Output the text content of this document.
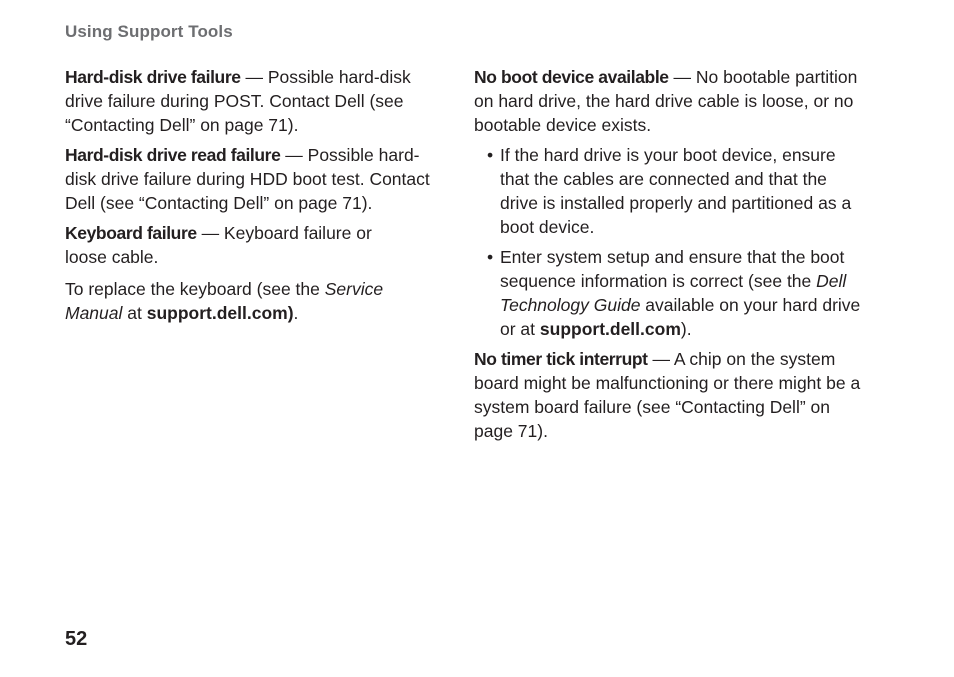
Using Support Tools

Hard-disk drive failure — Possible hard-disk drive failure during POST. Contact Dell (see “Contacting Dell” on page 71).

Hard-disk drive read failure — Possible hard-disk drive failure during HDD boot test. Contact Dell (see “Contacting Dell” on page 71).

Keyboard failure — Keyboard failure or loose cable.

To replace the keyboard (see the Service Manual at support.dell.com).

No boot device available — No bootable partition on hard drive, the hard drive cable is loose, or no bootable device exists.

• If the hard drive is your boot device, ensure that the cables are connected and that the drive is installed properly and partitioned as a boot device.
• Enter system setup and ensure that the boot sequence information is correct (see the Dell Technology Guide available on your hard drive or at support.dell.com).

No timer tick interrupt — A chip on the system board might be malfunctioning or there might be a system board failure (see “Contacting Dell” on page 71).

52
